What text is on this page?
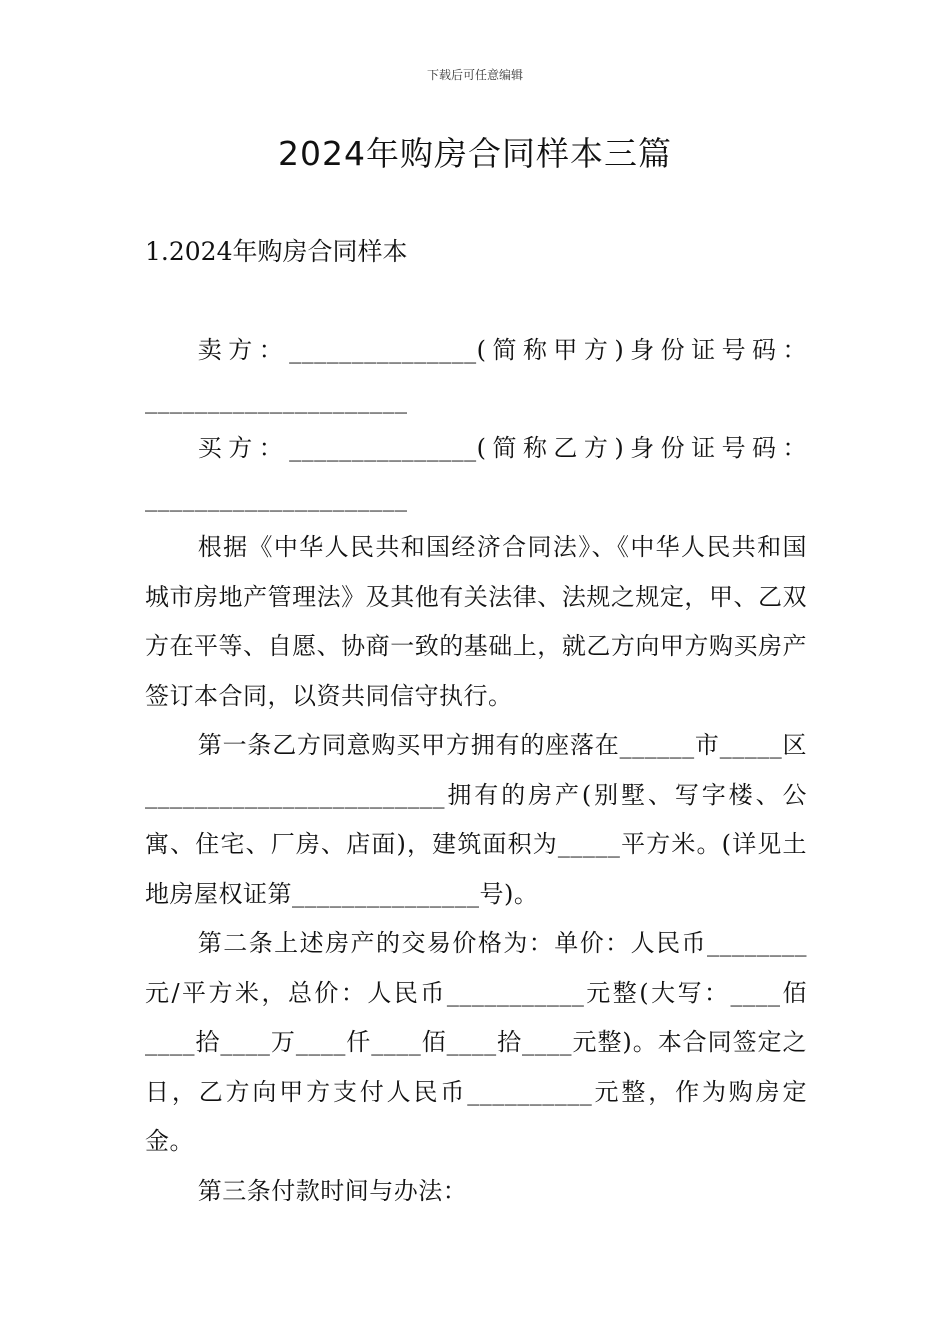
下载后可任意编辑
2024年购房合同样本三篇
1.2024年购房合同样本

卖方：_______________(简称甲方)身份证号码：_____________________

买方：_______________(简称乙方)身份证号码：_____________________

根据《中华人民共和国经济合同法》、《中华人民共和国城市房地产管理法》及其他有关法律、法规之规定，甲、乙双方在平等、自愿、协商一致的基础上，就乙方向甲方购买房产签订本合同，以资共同信守执行。

第一条乙方同意购买甲方拥有的座落在______市_____区________________________拥有的房产(别墅、写字楼、公寓、住宅、厂房、店面)，建筑面积为_____平方米。(详见土地房屋权证第_______________号)。

第二条上述房产的交易价格为：单价：人民币________元/平方米，总价：人民币___________元整(大写：____佰____拾____万____仟____佰____拾____元整)。本合同签定之日，乙方向甲方支付人民币__________元整，作为购房定金。

第三条付款时间与办法：
